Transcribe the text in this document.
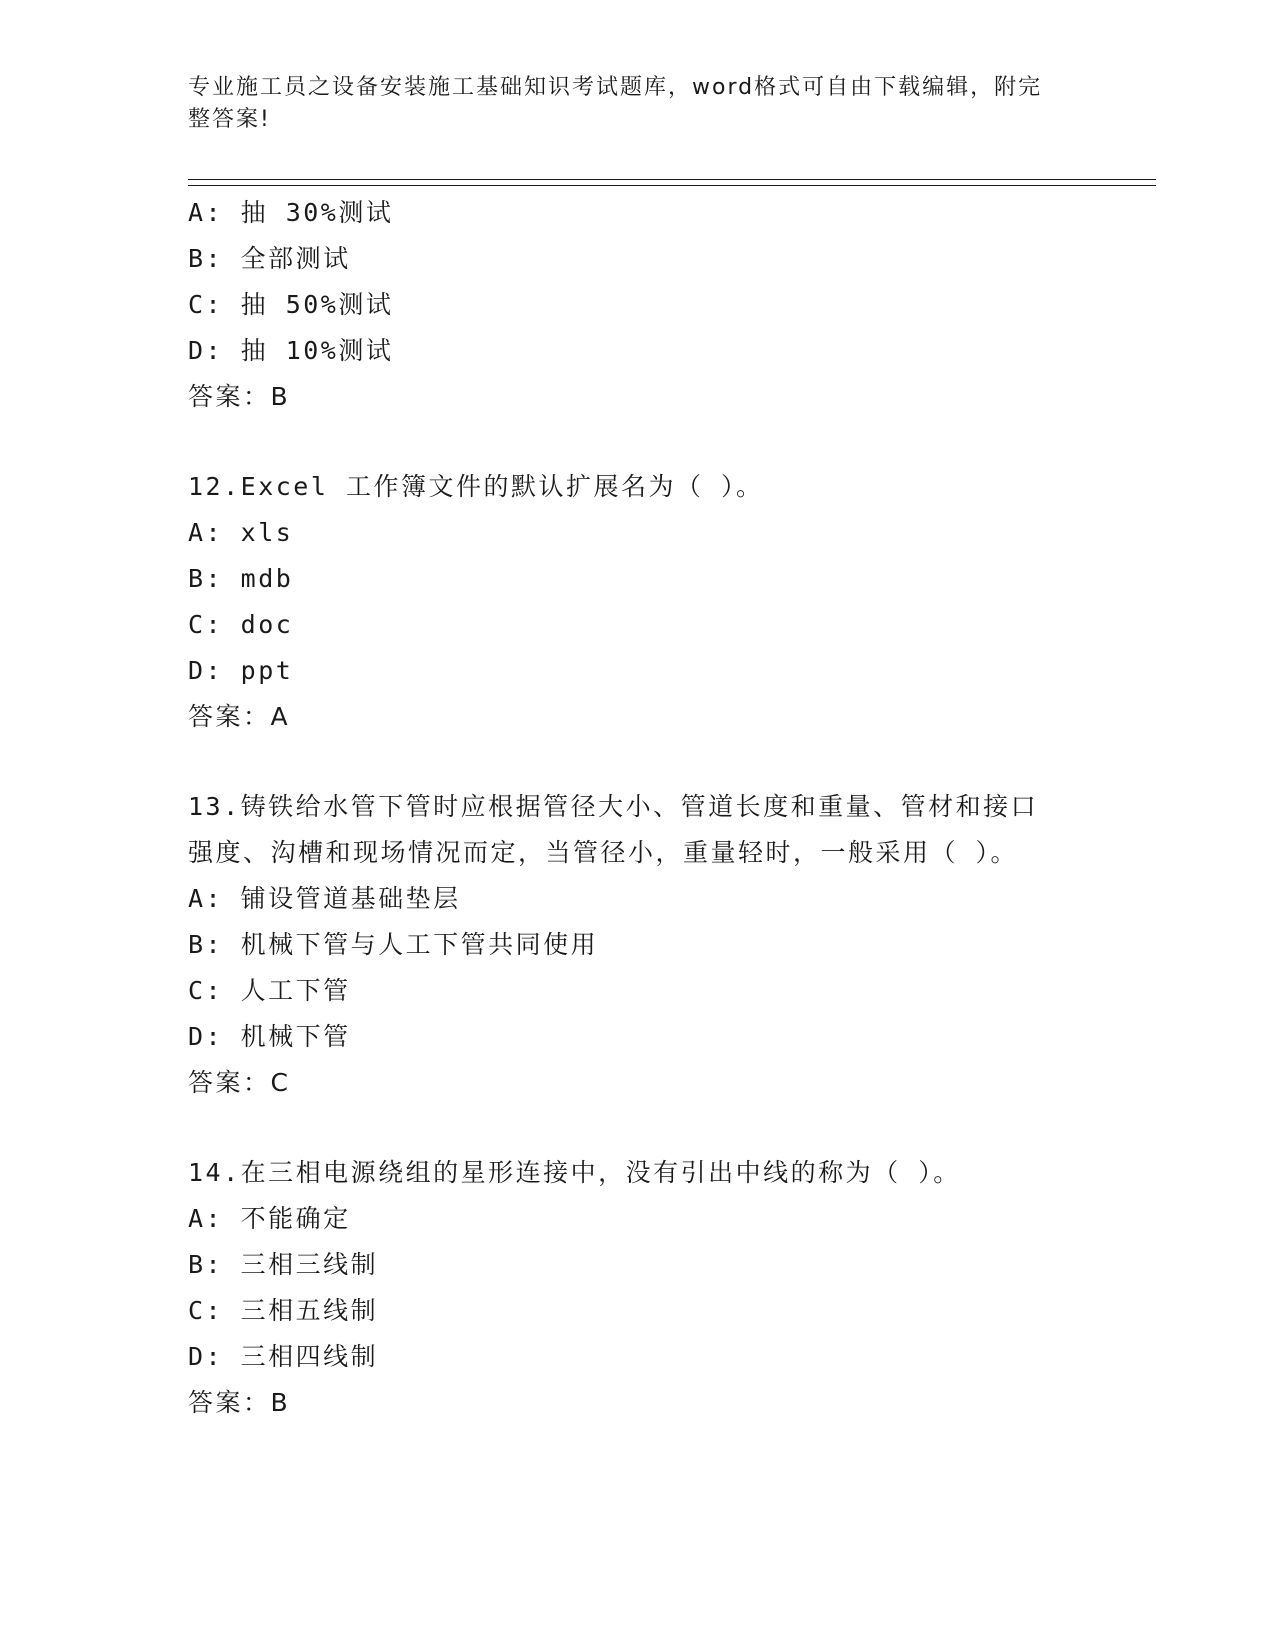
专业施工员之设备安装施工基础知识考试题库，word格式可自由下载编辑，附完
整答案!
A: 抽 30%测试
B: 全部测试
C: 抽 50%测试
D: 抽 10%测试
答案：B
12.Excel 工作簿文件的默认扩展名为（ ）。
A: xls
B: mdb
C: doc
D: ppt
答案：A
13.铸铁给水管下管时应根据管径大小、管道长度和重量、管材和接口
强度、沟槽和现场情况而定，当管径小，重量轻时，一般采用（ ）。
A: 铺设管道基础垫层
B: 机械下管与人工下管共同使用
C: 人工下管
D: 机械下管
答案：C
14.在三相电源绕组的星形连接中，没有引出中线的称为（ ）。
A: 不能确定
B: 三相三线制
C: 三相五线制
D: 三相四线制
答案：B
